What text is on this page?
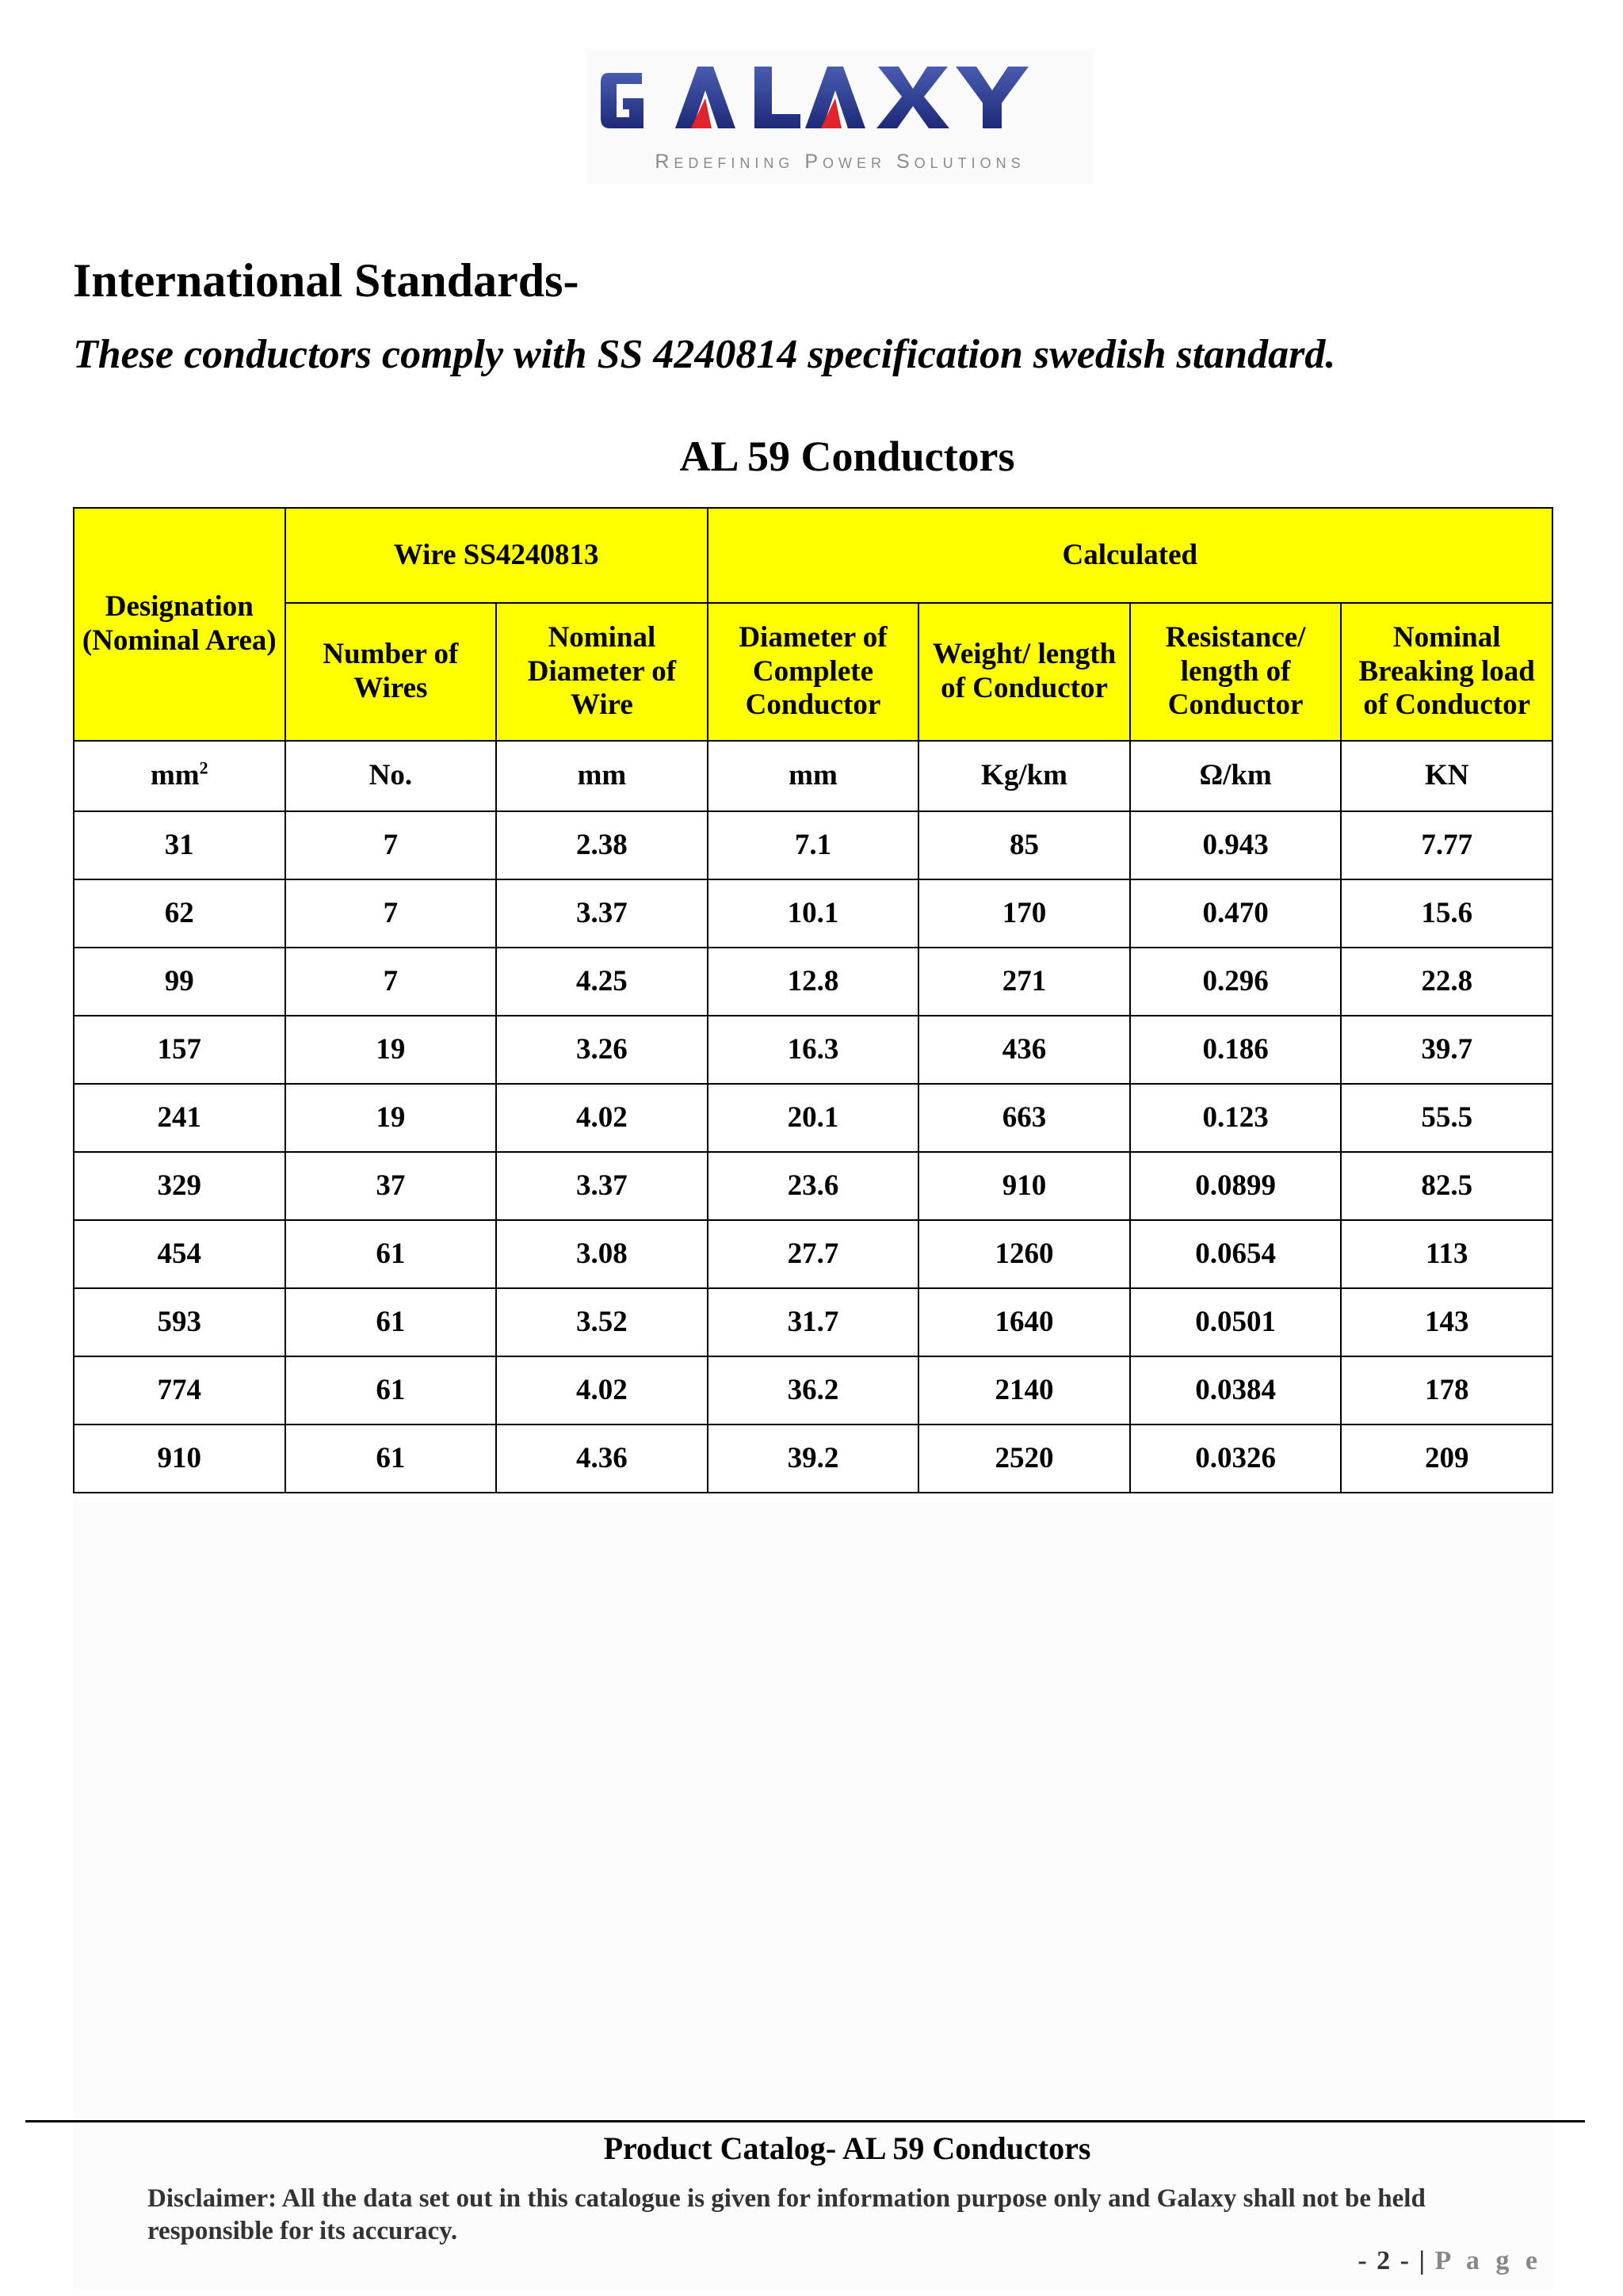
Redefining Power Solutions
International Standards-
These conductors comply with SS 4240814 specification swedish standard.
AL 59 Conductors
Designation (Nominal Area)	Wire SS4240813		Calculated			
	Number of Wires	Nominal Diameter of Wire	Diameter of Complete Conductor	Weight/ length of Conductor	Resistance/ length of Conductor	Nominal Breaking load of Conductor
$mm^2$	No.	mm	mm	Kg/km	Ω/km	KN
31	7	2.38	7.1	85	0.943	7.77
62	7	3.37	10.1	170	0.470	15.6
99	7	4.25	12.8	271	0.296	22.8
157	19	3.26	16.3	436	0.186	39.7
241	19	4.02	20.1	663	0.123	55.5
329	37	3.37	23.6	910	0.0899	82.5
454	61	3.08	27.7	1260	0.0654	113
593	61	3.52	31.7	1640	0.0501	143
774	61	4.02	36.2	2140	0.0384	178
910	61	4.36	39.2	2520	0.0326	209
Product Catalog- AL 59 Conductors
Disclaimer: All the data set out in this catalogue is given for information purpose only and Galaxy shall not be held responsible for its accuracy.
- 2 - | P a g e
